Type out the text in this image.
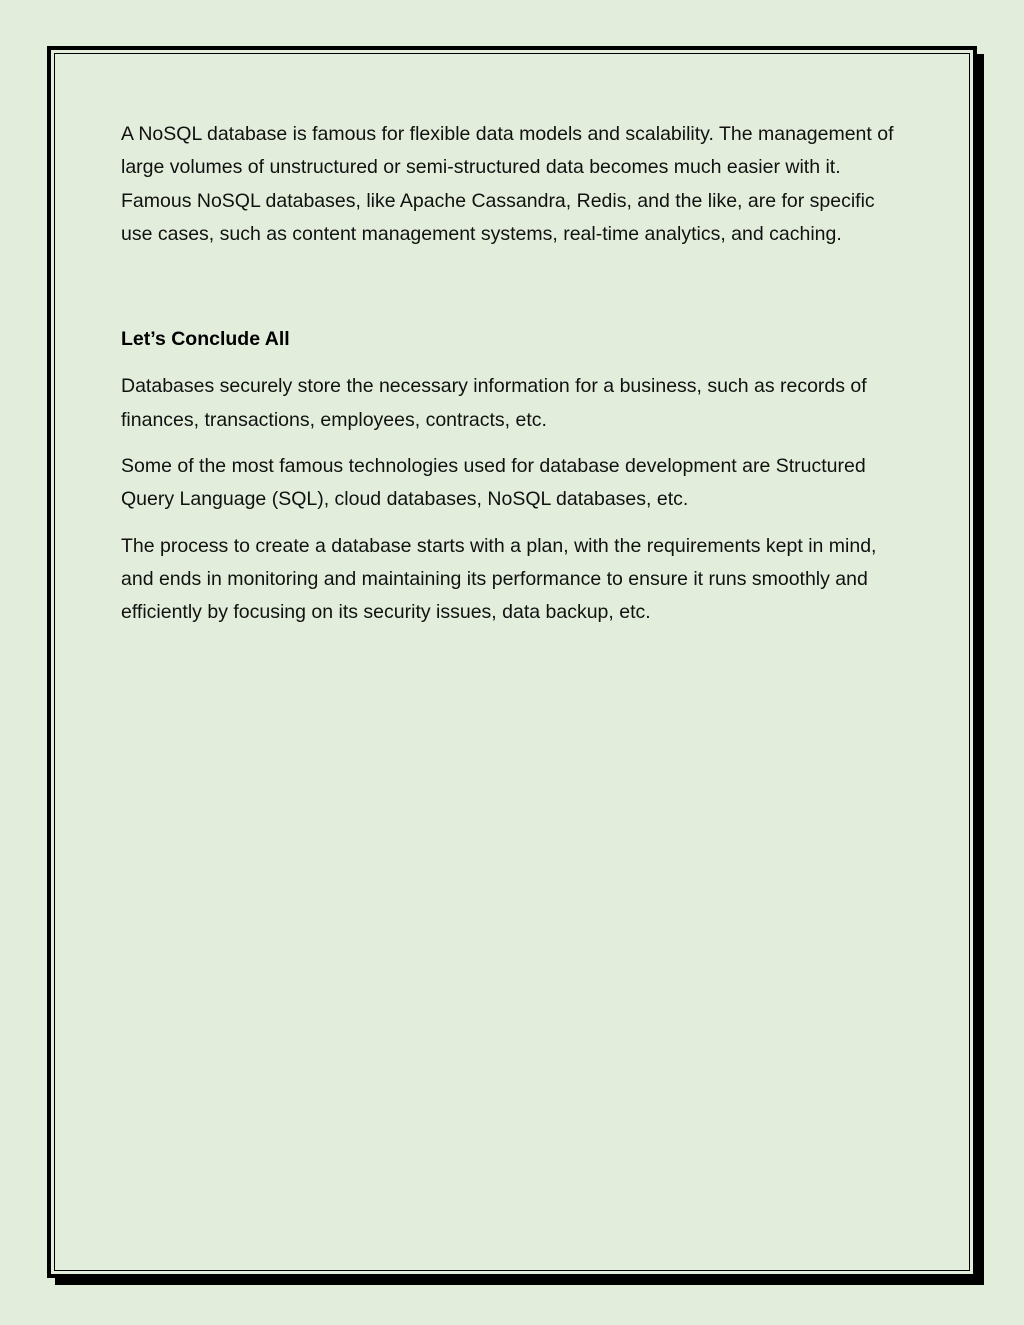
A NoSQL database is famous for flexible data models and scalability. The management of large volumes of unstructured or semi-structured data becomes much easier with it. Famous NoSQL databases, like Apache Cassandra, Redis, and the like, are for specific use cases, such as content management systems, real-time analytics, and caching.

Let’s Conclude All

Databases securely store the necessary information for a business, such as records of finances, transactions, employees, contracts, etc.

Some of the most famous technologies used for database development are Structured Query Language (SQL), cloud databases, NoSQL databases, etc.

The process to create a database starts with a plan, with the requirements kept in mind, and ends in monitoring and maintaining its performance to ensure it runs smoothly and efficiently by focusing on its security issues, data backup, etc.
